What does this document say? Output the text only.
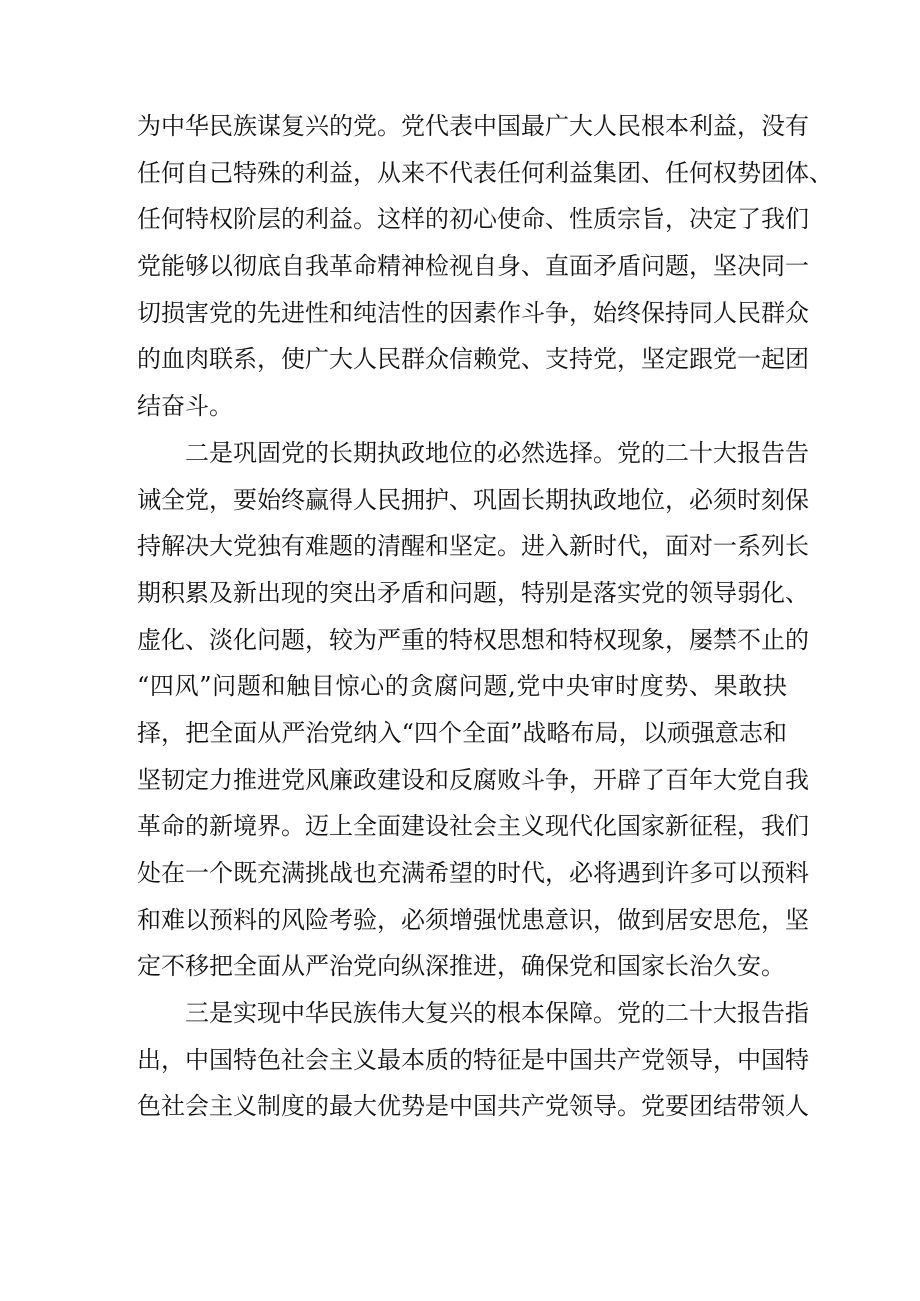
为中华民族谋复兴的党。党代表中国最广大人民根本利益，没有
任何自己特殊的利益，从来不代表任何利益集团、任何权势团体、
任何特权阶层的利益。这样的初心使命、性质宗旨，决定了我们
党能够以彻底自我革命精神检视自身、直面矛盾问题，坚决同一
切损害党的先进性和纯洁性的因素作斗争，始终保持同人民群众
的血肉联系，使广大人民群众信赖党、支持党，坚定跟党一起团
结奋斗。
二是巩固党的长期执政地位的必然选择。党的二十大报告告
诫全党，要始终赢得人民拥护、巩固长期执政地位，必须时刻保
持解决大党独有难题的清醒和坚定。进入新时代，面对一系列长
期积累及新出现的突出矛盾和问题，特别是落实党的领导弱化、
虚化、淡化问题，较为严重的特权思想和特权现象，屡禁不止的
“四风”问题和触目惊心的贪腐问题,党中央审时度势、果敢抉
择，把全面从严治党纳入“四个全面”战略布局，以顽强意志和
坚韧定力推进党风廉政建设和反腐败斗争，开辟了百年大党自我
革命的新境界。迈上全面建设社会主义现代化国家新征程，我们
处在一个既充满挑战也充满希望的时代，必将遇到许多可以预料
和难以预料的风险考验，必须增强忧患意识，做到居安思危，坚
定不移把全面从严治党向纵深推进，确保党和国家长治久安。
三是实现中华民族伟大复兴的根本保障。党的二十大报告指
出，中国特色社会主义最本质的特征是中国共产党领导，中国特
色社会主义制度的最大优势是中国共产党领导。党要团结带领人
